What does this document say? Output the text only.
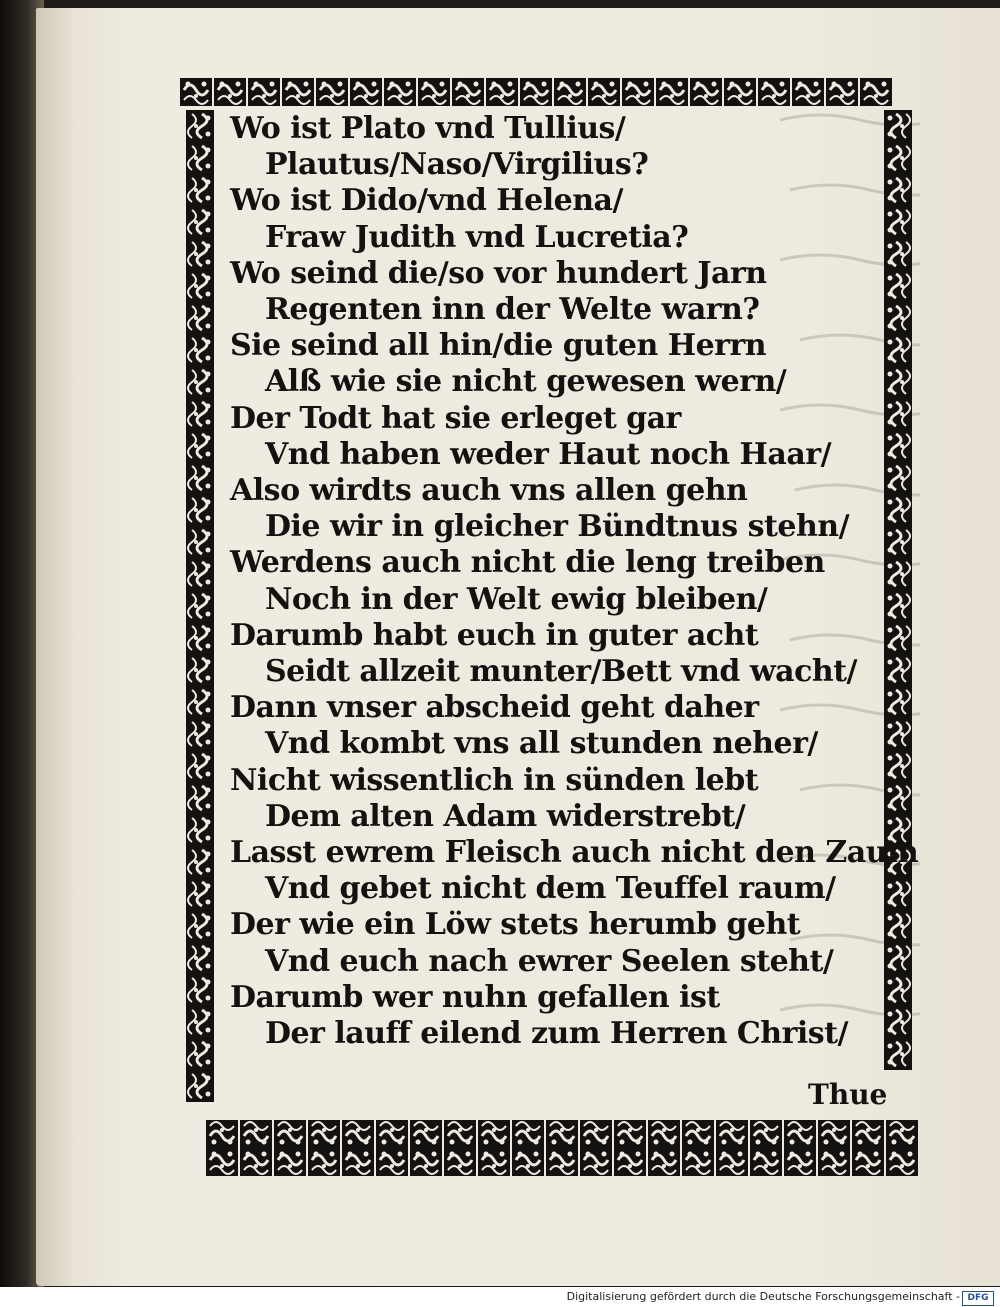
Wo ist Plato vnd Tullius/
Plautus/Naso/Virgilius?
Wo ist Dido/vnd Helena/
Fraw Judith vnd Lucretia?
Wo seind die/so vor hundert Jarn
Regenten inn der Welte warn?
Sie seind all hin/die guten Herrn
Alß wie sie nicht gewesen wern/
Der Todt hat sie erleget gar
Vnd haben weder Haut noch Haar/
Also wirdts auch vns allen gehn
Die wir in gleicher Bündtnus stehn/
Werdens auch nicht die leng treiben
Noch in der Welt ewig bleiben/
Darumb habt euch in guter acht
Seidt allzeit munter/Bett vnd wacht/
Dann vnser abscheid geht daher
Vnd kombt vns all stunden neher/
Nicht wissentlich in sünden lebt
Dem alten Adam widerstrebt/
Lasst ewrem Fleisch auch nicht den Zaum
Vnd gebet nicht dem Teuffel raum/
Der wie ein Löw stets herumb geht
Vnd euch nach ewrer Seelen steht/
Darumb wer nuhn gefallen ist
Der lauff eilend zum Herren Christ/
Thue
Digitalisierung gefördert durch die Deutsche Forschungsgemeinschaft - DFG
